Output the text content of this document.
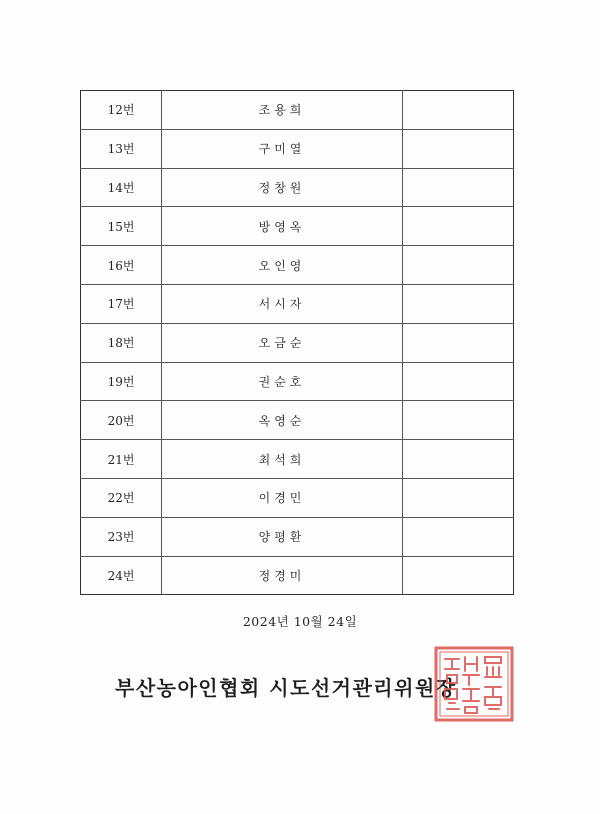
12번	조용희	
13번	구미열	
14번	정창원	
15번	방영옥	
16번	오인영	
17번	서시자	
18번	오금순	
19번	권순호	
20번	옥영순	
21번	최석희	
22번	이경민	
23번	양평환	
24번	정경미	
2024년 10월 24일
부산농아인협회 시도선거관리위원장
